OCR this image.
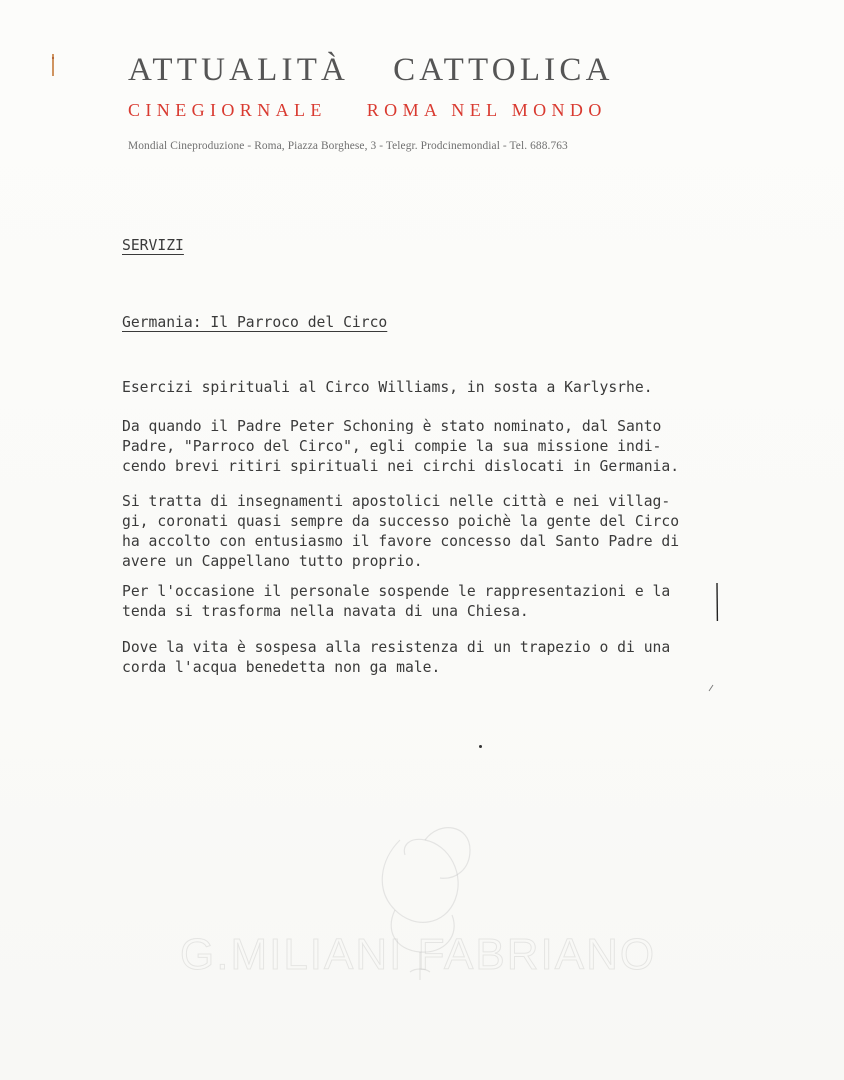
ATTUALITÀ CATTOLICA
CINEGIORNALE ROMA NEL MONDO
Mondial Cineproduzione - Roma, Piazza Borghese, 3 - Telegr. Prodcinemondial - Tel. 688.763
SERVIZI
Germania: Il Parroco del Circo
Esercizi spirituali al Circo Williams, in sosta a Karlysrhe.
Da quando il Padre Peter Schoning è stato nominato, dal Santo
Padre, "Parroco del Circo", egli compie la sua missione indi-
cendo brevi ritiri spirituali nei circhi dislocati in Germania.
Si tratta di insegnamenti apostolici nelle città e nei villag-
gi, coronati quasi sempre da successo poichè la gente del Circo
ha accolto con entusiasmo il favore concesso dal Santo Padre di
avere un Cappellano tutto proprio.
Per l'occasione il personale sospende le rappresentazioni e la
tenda si trasforma nella navata di una Chiesa.
Dove la vita è sospesa alla resistenza di un trapezio o di una
corda l'acqua benedetta non ga male.
G.MILIANI FABRIANO
